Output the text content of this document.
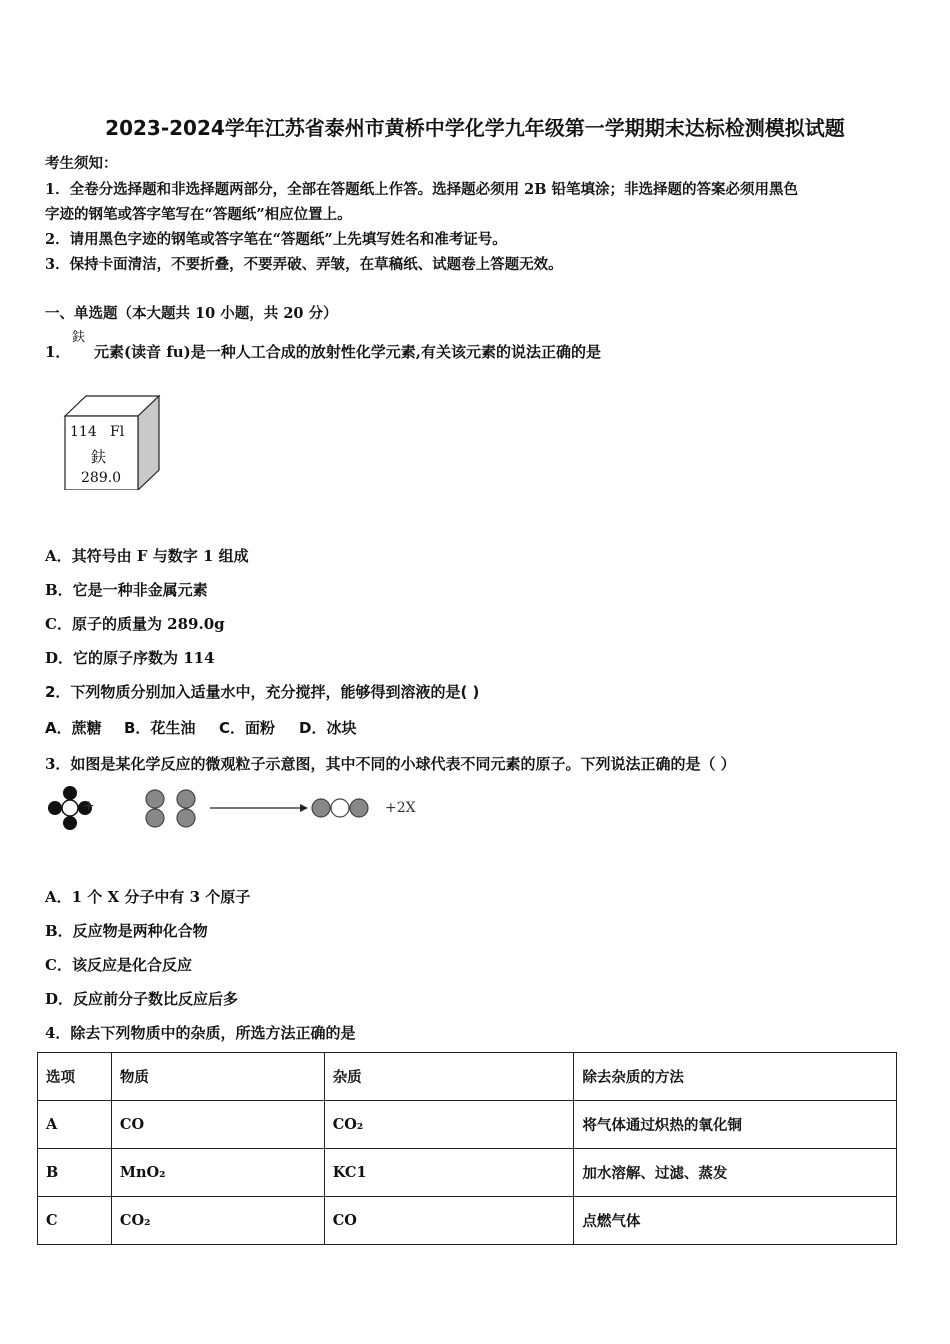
2023-2024学年江苏省泰州市黄桥中学化学九年级第一学期期末达标检测模拟试题
考生须知：
1．全卷分选择题和非选择题两部分，全部在答题纸上作答。选择题必须用 2B 铅笔填涂；非选择题的答案必须用黑色
字迹的钢笔或答字笔写在“答题纸”相应位置上。
2．请用黑色字迹的钢笔或答字笔在“答题纸”上先填写姓名和准考证号。
3．保持卡面清洁，不要折叠，不要弄破、弄皱，在草稿纸、试题卷上答题无效。
一、单选题（本大题共 10 小题，共 20 分）
1．
鈇
元素(读音 fu)是一种人工合成的放射性化学元素,有关该元素的说法正确的是
114 Fl
鈇
289.0
A．其符号由 F 与数字 1 组成
B．它是一种非金属元素
C．原子的质量为 289.0g
D．它的原子序数为 114
2．下列物质分别加入适量水中，充分搅拌，能够得到溶液的是( )
A．蔗糖 B．花生油 C．面粉 D．冰块
3．如图是某化学反应的微观粒子示意图，其中不同的小球代表不同元素的原子。下列说法正确的是（ ）
+	+2X
A．1 个 X 分子中有 3 个原子
B．反应物是两种化合物
C．该反应是化合反应
D．反应前分子数比反应后多
4．除去下列物质中的杂质，所选方法正确的是
选项	物质	杂质	除去杂质的方法
A	CO	CO₂	将气体通过炽热的氧化铜
B	MnO₂	KC1	加水溶解、过滤、蒸发
C	CO₂	CO	点燃气体
